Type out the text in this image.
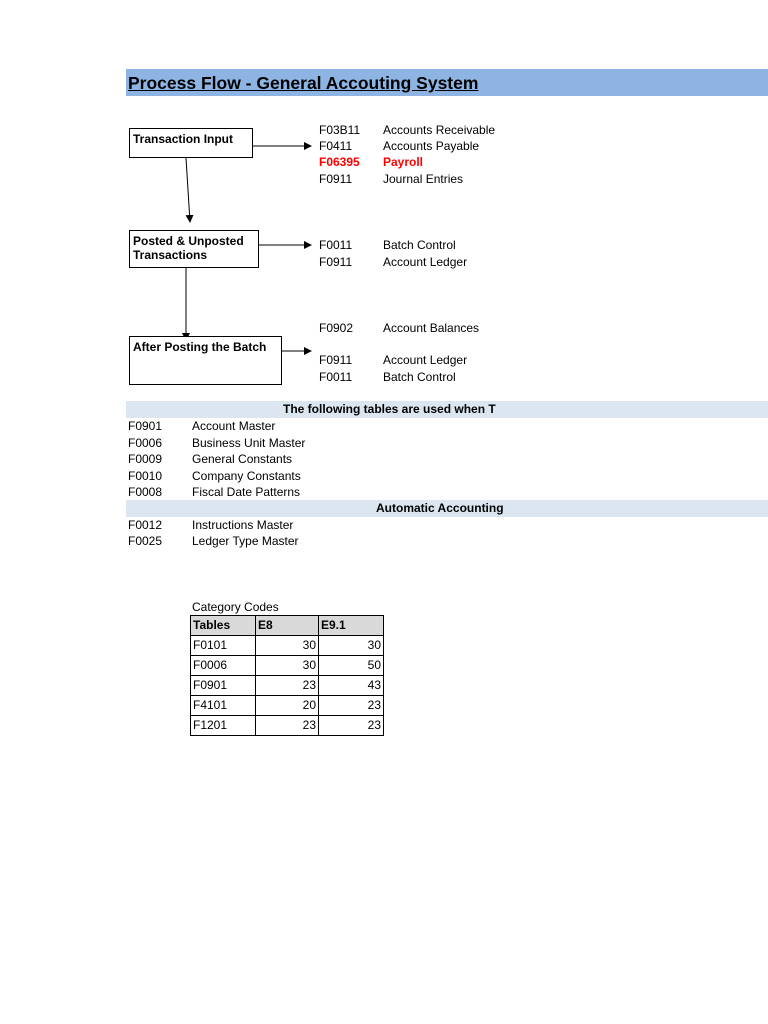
Process Flow - General Accouting System
Transaction Input
Posted & Unposted
Transactions
After Posting the Batch
F03B11 Accounts Receivable
F0411	Accounts Payable
F06395 Payroll
F0911	Journal Entries
F0011	Batch Control
F0911	Account Ledger
F0902 Account Balances
F0911	Account Ledger
F0011	Batch Control
The following tables are used when T
F0901 Account Master
F0006 Business Unit Master
F0009 General Constants
F0010 Company Constants
F0008 Fiscal Date Patterns
Automatic Accounting
F0012 Instructions Master
F0025 Ledger Type Master
Category Codes
Tables	E8	E9.1
F0101	30	30
F0006	30	50
F0901	23	43
F4101	20	23
F1201	23	23
